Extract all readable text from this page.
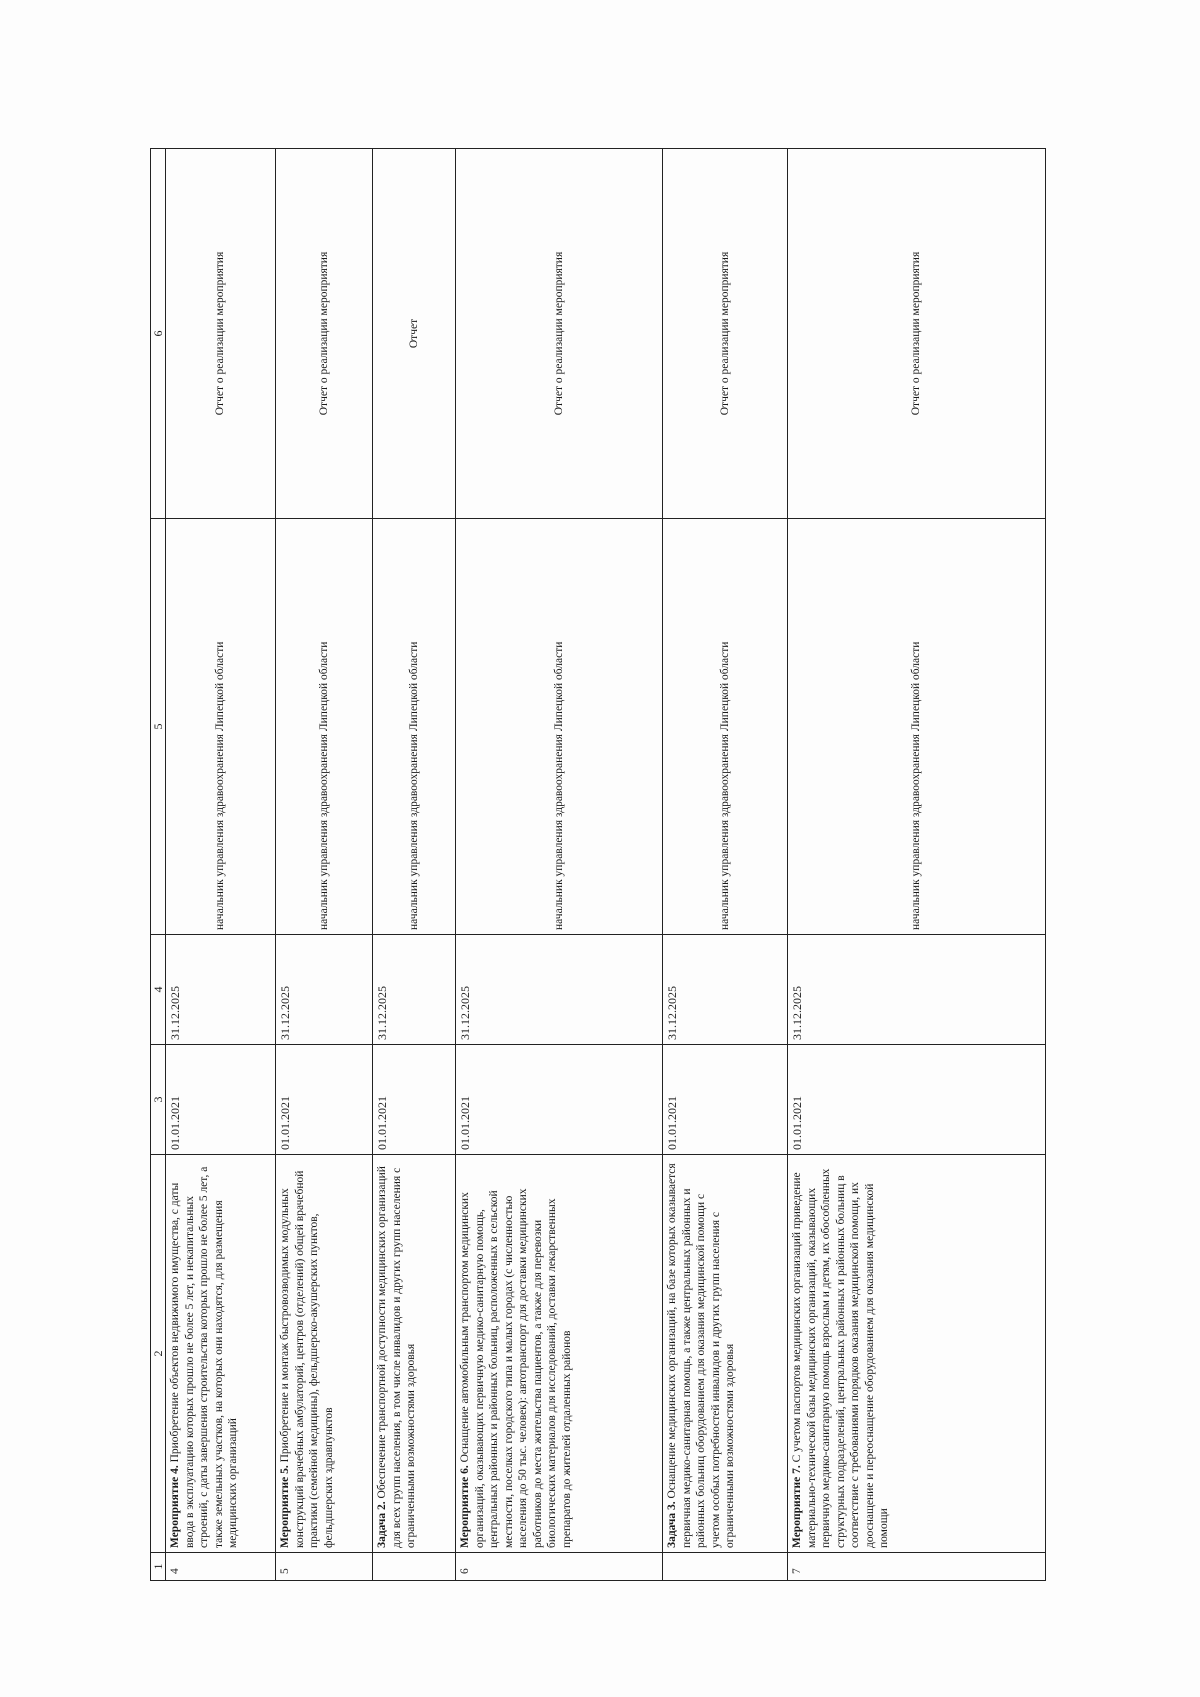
1	2	3	4	5	6
4	Мероприятие 4. Приобретение объектов недвижимого имущества, с даты ввода в эксплуатацию которых прошло не более 5 лет, и некапитальных строений, с даты завершения строительства которых прошло не более 5 лет, а также земельных участков, на которых они находятся, для размещения медицинских организаций	01.01.2021	31.12.2025	начальник управления здравоохранения Липецкой области	Отчет о реализации мероприятия
5	Мероприятие 5. Приобретение и монтаж быстровозводимых модульных конструкций врачебных амбулаторий, центров (отделений) общей врачебной практики (семейной медицины), фельдшерско-акушерских пунктов, фельдшерских здравпунктов	01.01.2021	31.12.2025	начальник управления здравоохранения Липецкой области	Отчет о реализации мероприятия
	Задача 2. Обеспечение транспортной доступности медицинских организаций для всех групп населения, в том числе инвалидов и других групп населения с ограниченными возможностями здоровья	01.01.2021	31.12.2025	начальник управления здравоохранения Липецкой области	Отчет
6	Мероприятие 6. Оснащение автомобильным транспортом медицинских организаций, оказывающих первичную медико-санитарную помощь, центральных районных и районных больниц, расположенных в сельской местности, поселках городского типа и малых городах (с численностью населения до 50 тыс. человек): автотранспорт для доставки медицинских работников до места жительства пациентов, а также для перевозки биологических материалов для исследований, доставки лекарственных препаратов до жителей отдаленных районов	01.01.2021	31.12.2025	начальник управления здравоохранения Липецкой области	Отчет о реализации мероприятия
	Задача 3. Оснащение медицинских организаций, на базе которых оказывается первичная медико-санитарная помощь, а также центральных районных и районных больниц оборудованием для оказания медицинской помощи с учетом особых потребностей инвалидов и других групп населения с ограниченными возможностями здоровья	01.01.2021	31.12.2025	начальник управления здравоохранения Липецкой области	Отчет о реализации мероприятия
7	Мероприятие 7. С учетом паспортов медицинских организаций приведение материально-технической базы медицинских организаций, оказывающих первичную медико-санитарную помощь взрослым и детям, их обособленных структурных подразделений, центральных районных и районных больниц в соответствие с требованиями порядков оказания медицинской помощи, их дооснащение и переоснащение оборудованием для оказания медицинской помощи	01.01.2021	31.12.2025	начальник управления здравоохранения Липецкой области	Отчет о реализации мероприятия
